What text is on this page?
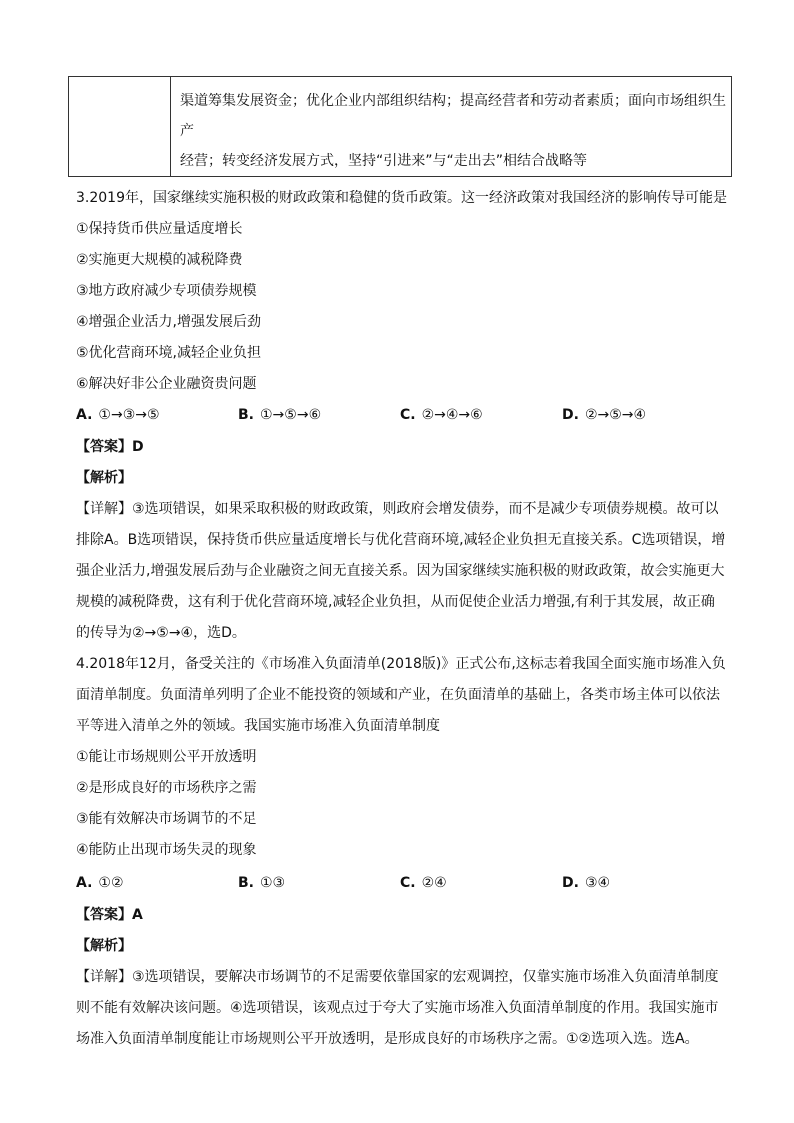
渠道筹集发展资金；优化企业内部组织结构；提高经营者和劳动者素质；面向市场组织生产
经营；转变经济发展方式，坚持“引进来”与“走出去”相结合战略等
3.2019年，国家继续实施积极的财政政策和稳健的货币政策。这一经济政策对我国经济的影响传导可能是
①保持货币供应量适度增长
②实施更大规模的减税降费
③地方政府减少专项债券规模
④增强企业活力,增强发展后劲
⑤优化营商环境,减轻企业负担
⑥解决好非公企业融资贵问题
A. ①→③→⑤	B. ①→⑤→⑥	C. ②→④→⑥	D. ②→⑤→④
【答案】D
【解析】
【详解】③选项错误，如果采取积极的财政政策，则政府会增发债券，而不是减少专项债券规模。故可以
排除A。B选项错误，保持货币供应量适度增长与优化营商环境,减轻企业负担无直接关系。C选项错误，增
强企业活力,增强发展后劲与企业融资之间无直接关系。因为国家继续实施积极的财政政策，故会实施更大
规模的减税降费，这有利于优化营商环境,减轻企业负担，从而促使企业活力增强,有利于其发展，故正确
的传导为②→⑤→④，选D。
4.2018年12月，备受关注的《市场准入负面清单(2018版)》正式公布,这标志着我国全面实施市场准入负
面清单制度。负面清单列明了企业不能投资的领域和产业，在负面清单的基础上，各类市场主体可以依法
平等进入清单之外的领域。我国实施市场准入负面清单制度
①能让市场规则公平开放透明
②是形成良好的市场秩序之需
③能有效解决市场调节的不足
④能防止出现市场失灵的现象
A. ①②	B. ①③	C. ②④	D. ③④
【答案】A
【解析】
【详解】③选项错误，要解决市场调节的不足需要依靠国家的宏观调控，仅靠实施市场准入负面清单制度
则不能有效解决该问题。④选项错误，该观点过于夸大了实施市场准入负面清单制度的作用。我国实施市
场准入负面清单制度能让市场规则公平开放透明，是形成良好的市场秩序之需。①②选项入选。选A。
